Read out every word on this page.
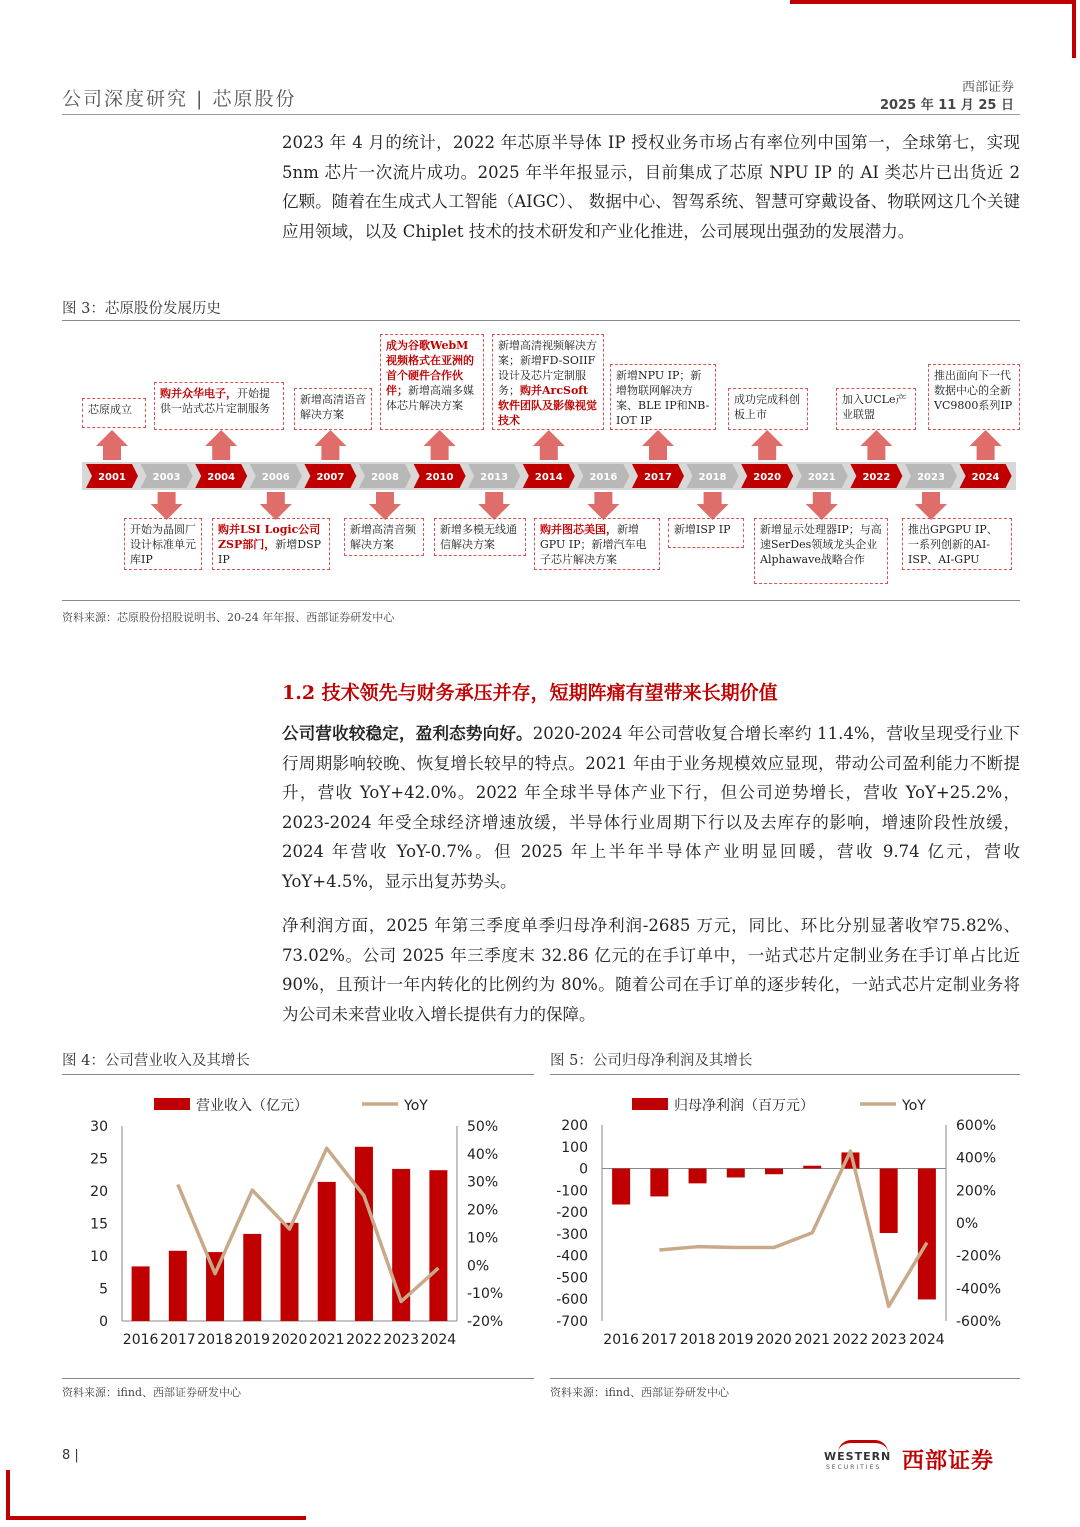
公司深度研究 | 芯原股份
西部证券
2025 年 11 月 25 日
2023 年 4 月的统计，2022 年芯原半导体 IP 授权业务市场占有率位列中国第一，全球第七，实现 5nm 芯片一次流片成功。2025 年半年报显示，目前集成了芯原 NPU IP 的 AI 类芯片已出货近 2 亿颗。随着在生成式人工智能（AIGC）、 数据中心、智驾系统、智慧可穿戴设备、物联网这几个关键应用领域，以及 Chiplet 技术的技术研发和产业化推进，公司展现出强劲的发展潜力。
图 3：芯原股份发展历史
芯原成立
购并众华电子，开始提供一站式芯片定制服务
新增高清语音解决方案
成为谷歌WebM视频格式在亚洲的首个硬件合作伙伴；新增高端多媒体芯片解决方案
新增高清视频解决方案；新增FD-SOIIF设计及芯片定制服务；购并ArcSoft软件团队及影像视觉技术
新增NPU IP；新增物联网解决方案、BLE IP和NB-IOT IP
成功完成科创板上市
加入UCLe产业联盟
推出面向下一代数据中心的全新VC9800系列IP
开始为晶圆厂设计标准单元库IP
购并LSI Logic公司ZSP部门，新增DSP IP
新增高清音频解决方案
新增多模无线通信解决方案
购并图芯美国，新增GPU IP；新增汽车电子芯片解决方案
新增ISP IP	新增显示处理器IP；与高速SerDes领域龙头企业Alphawave战略合作
推出GPGPU IP、一系列创新的AI-ISP、AI-GPU
2001	2003	2004	2006	2007	2008	2010	2013	2014	2016	2017	2018	2020	2021	2022	2023	2024
资料来源：芯原股份招股说明书、20-24 年年报、西部证券研发中心
1.2 技术领先与财务承压并存，短期阵痛有望带来长期价值
公司营收较稳定，盈利态势向好。2020-2024 年公司营收复合增长率约 11.4%，营收呈现受行业下行周期影响较晚、恢复增长较早的特点。2021 年由于业务规模效应显现，带动公司盈利能力不断提升，营收 YoY+42.0%。2022 年全球半导体产业下行，但公司逆势增长，营收 YoY+25.2%，2023-2024 年受全球经济增速放缓，半导体行业周期下行以及去库存的影响，增速阶段性放缓，2024 年营收 YoY-0.7%。但 2025 年上半年半导体产业明显回暖，营收 9.74 亿元，营收 YoY+4.5%，显示出复苏势头。
净利润方面，2025 年第三季度单季归母净利润-2685 万元，同比、环比分别显著收窄75.82%、73.02%。公司 2025 年三季度末 32.86 亿元的在手订单中，一站式芯片定制业务在手订单占比近 90%，且预计一年内转化的比例约为 80%。随着公司在手订单的逐步转化，一站式芯片定制业务将为公司未来营业收入增长提供有力的保障。
图 4：公司营业收入及其增长
0
5
10
15
20
25
30
-20%
-10%
0%
10%
20%
30%
40%
50%
2016 2017 2018 2019 2020 2021 2022 2023 2024
营业收入（亿元）	YoY
资料来源：ifind、西部证券研发中心
图 5：公司归母净利润及其增长
-700
-600
-500
-400
-300
-200
-100
0
100
200
-600%
-400%
-200%
0%
200%
400%
600%
2016 2017 2018 2019 2020 2021 2022 2023 2024
归母净利润（百万元）	YoY
资料来源：ifind、西部证券研发中心
8 |	WESTERN
SECURITIES 西部证券
